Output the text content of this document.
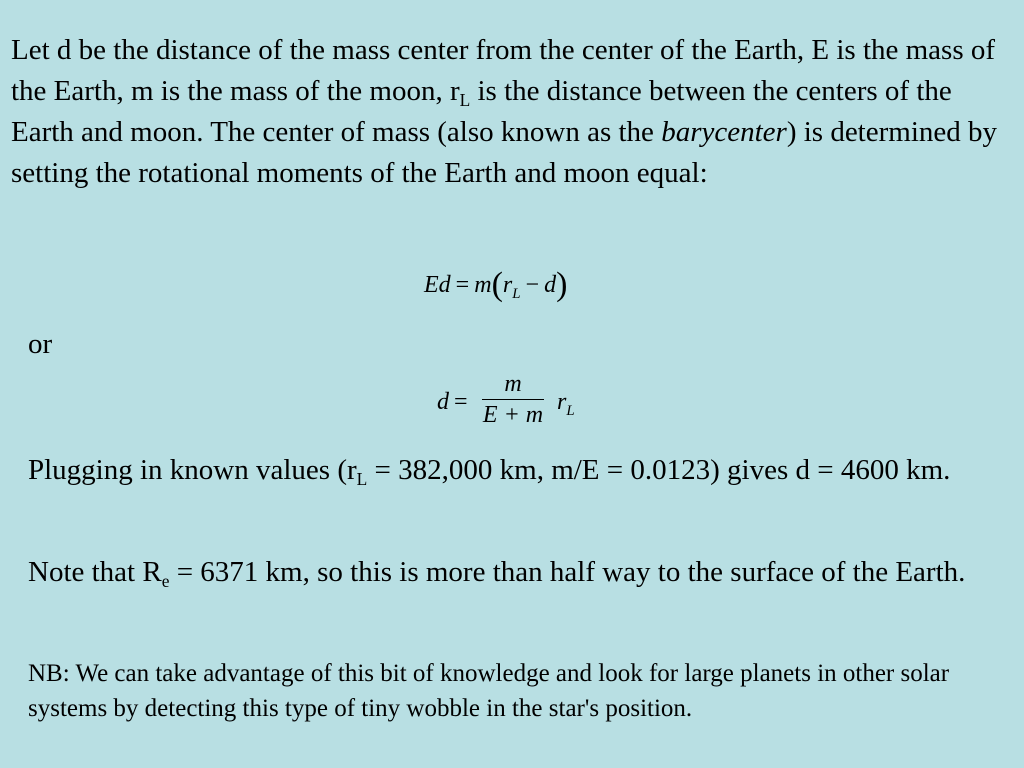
Let d be the distance of the mass center from the center of the Earth, E is the mass of the Earth, m is the mass of the moon, $r_L$ is the distance between the centers of the Earth and moon. The center of mass (also known as the barycenter) is determined by setting the rotational moments of the Earth and moon equal:
$Ed = m(r_L - d)$
or
d =
m
E + m $r_L$
Plugging in known values ($r_L = 382,000$ km, m/E = 0.0123) gives d = 4600 km.
Note that $R_e = 6371$ km, so this is more than half way to the surface of the Earth.
NB: We can take advantage of this bit of knowledge and look for large planets in other solar systems by detecting this type of tiny wobble in the star's position.
